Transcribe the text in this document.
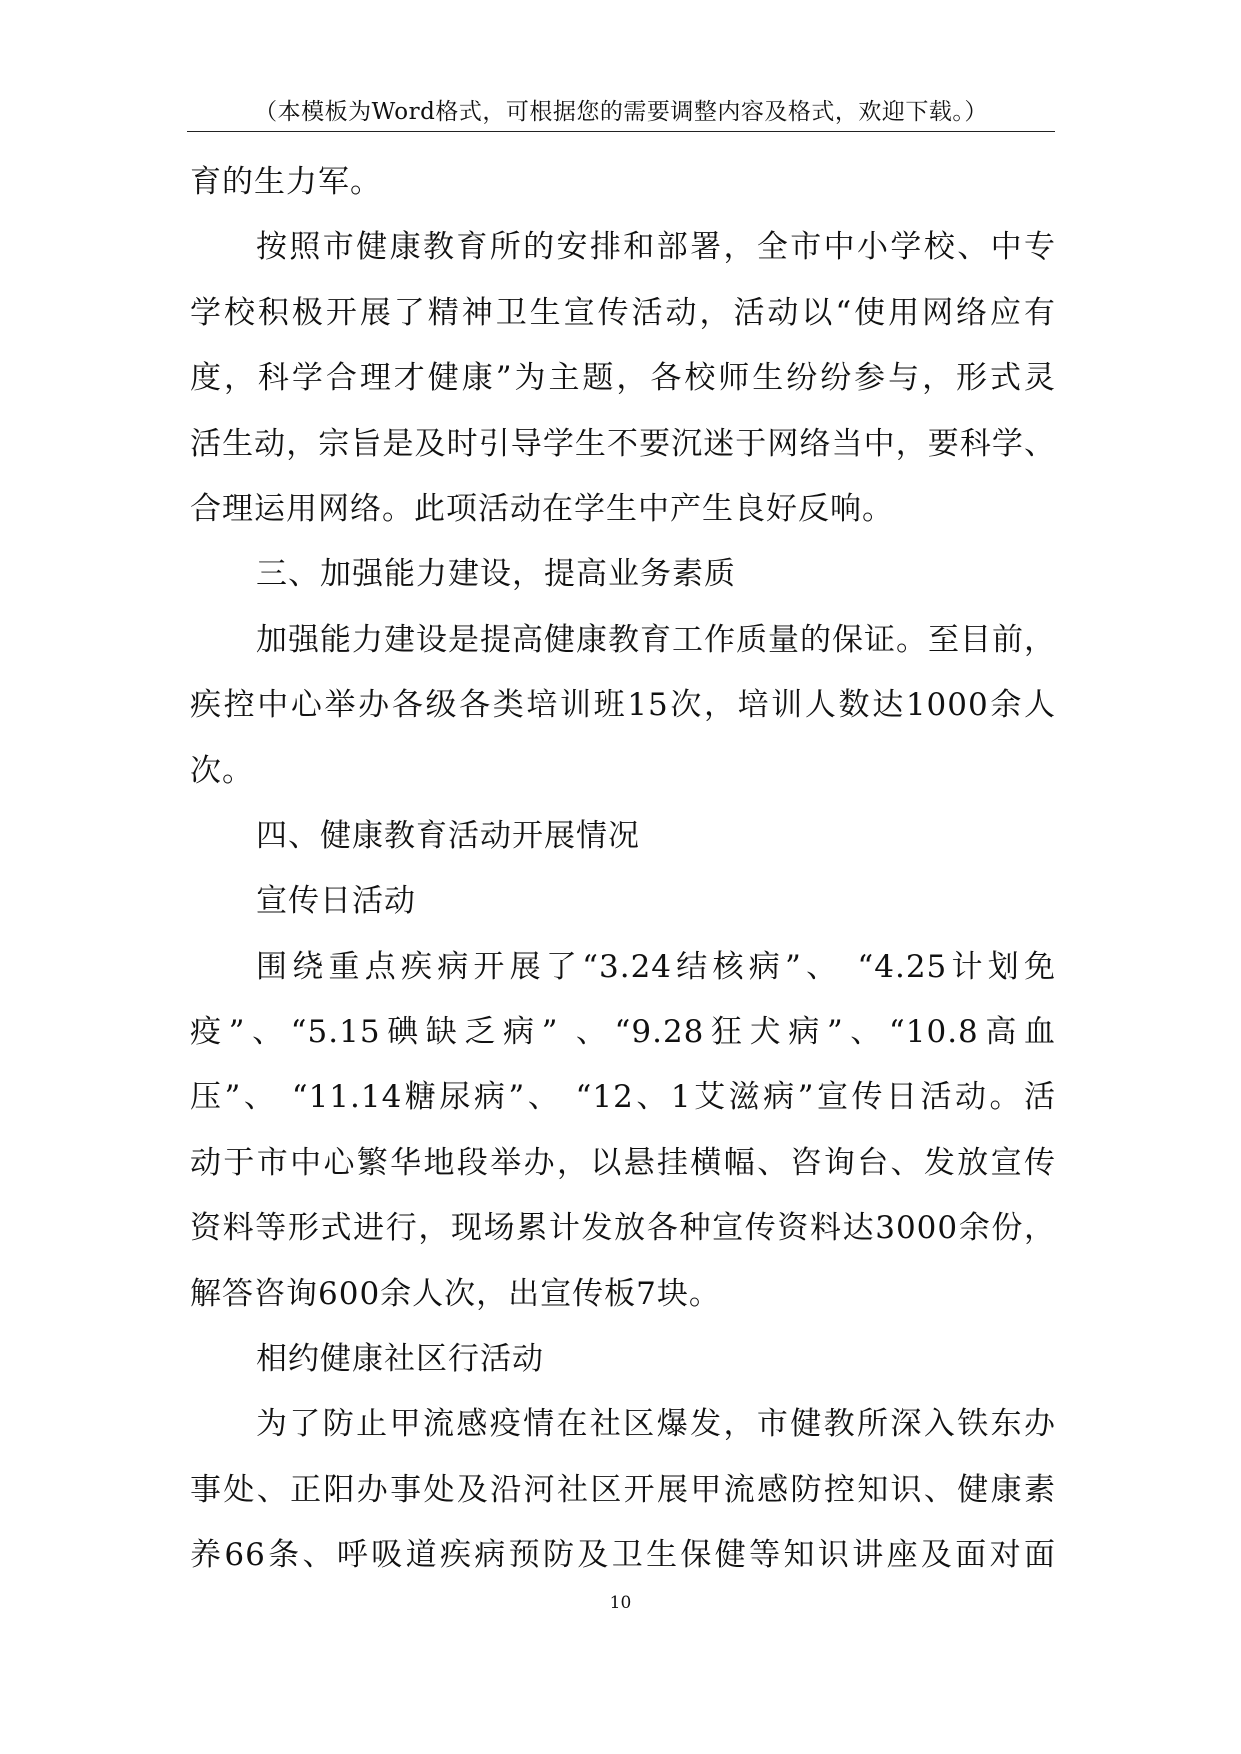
（本模板为Word格式，可根据您的需要调整内容及格式，欢迎下载。）
育的生力军。
按照市健康教育所的安排和部署，全市中小学校、中专
学校积极开展了精神卫生宣传活动，活动以“使用网络应有
度，科学合理才健康”为主题，各校师生纷纷参与，形式灵
活生动，宗旨是及时引导学生不要沉迷于网络当中，要科学、
合理运用网络。此项活动在学生中产生良好反响。
三、加强能力建设，提高业务素质
加强能力建设是提高健康教育工作质量的保证。至目前，
疾控中心举办各级各类培训班15次，培训人数达1000余人
次。
四、健康教育活动开展情况
宣传日活动
围绕重点疾病开展了“3.24结核病”、 “4.25计划免
疫”、“5.15碘缺乏病” 、“9.28狂犬病”、“10.8高血
压”、 “11.14糖尿病”、 “12、1艾滋病”宣传日活动。活
动于市中心繁华地段举办，以悬挂横幅、咨询台、发放宣传
资料等形式进行，现场累计发放各种宣传资料达3000余份，
解答咨询600余人次，出宣传板7块。
相约健康社区行活动
为了防止甲流感疫情在社区爆发，市健教所深入铁东办
事处、正阳办事处及沿河社区开展甲流感防控知识、健康素
养66条、呼吸道疾病预防及卫生保健等知识讲座及面对面
10
